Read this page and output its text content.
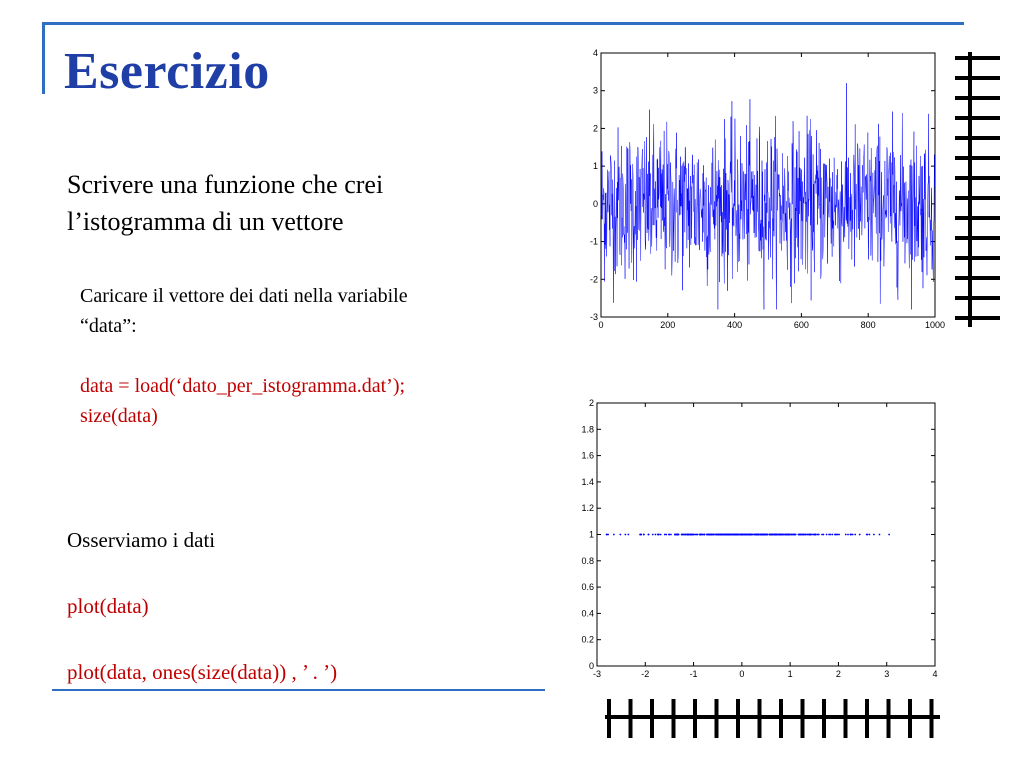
Esercizio
Scrivere una funzione che crei
l’istogramma di un vettore
Caricare il vettore dei dati nella variabile
“data”:
data = load(‘dato_per_istogramma.dat’);
size(data)
Osserviamo i dati
plot(data)
plot(data, ones(size(data)) , ’ . ’)
0	200	400	600	800	1000
4
3
2
1
0
-1
-2
-3
-3	-2	-1	0	1	2	3	4
2
1.8
1.6
1.4
1.2
1
0.8
0.6
0.4
0.2
0
